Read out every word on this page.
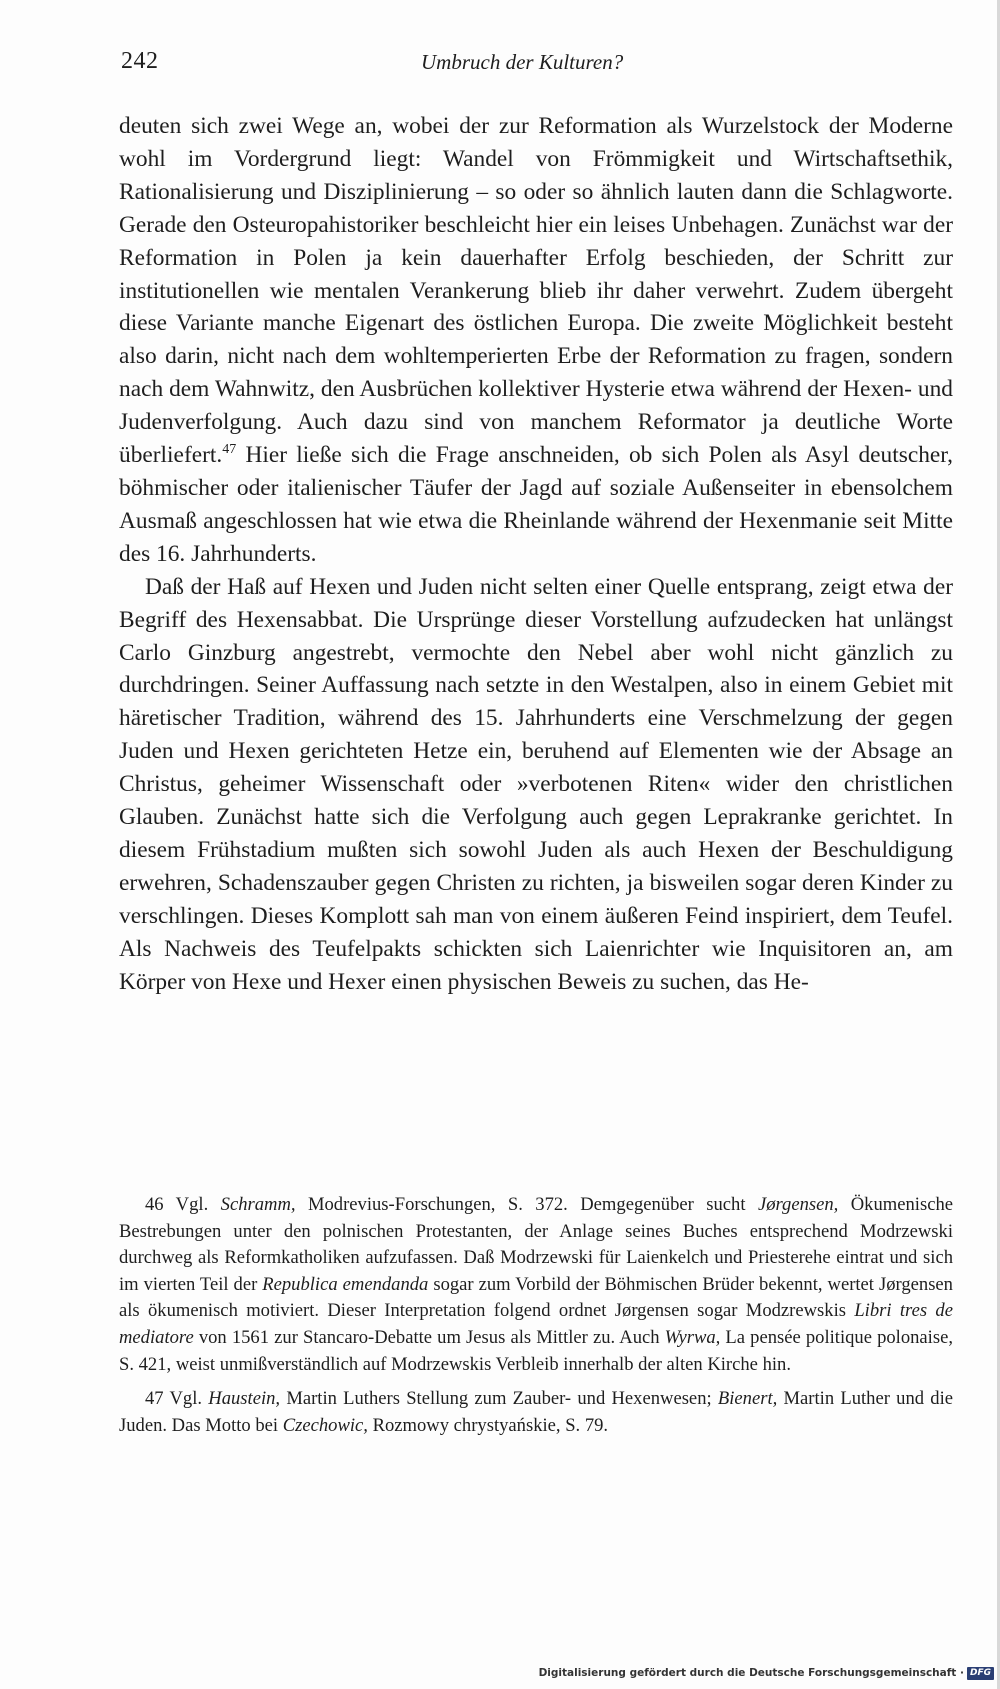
242	Umbruch der Kulturen?

deuten sich zwei Wege an, wobei der zur Reformation als Wurzelstock der Moderne wohl im Vordergrund liegt: Wandel von Frömmigkeit und Wirtschaftsethik, Rationalisierung und Disziplinierung – so oder so ähnlich lauten dann die Schlagworte. Gerade den Osteuropahistoriker beschleicht hier ein leises Unbehagen. Zunächst war der Reformation in Polen ja kein dauerhafter Erfolg beschieden, der Schritt zur institutionellen wie mentalen Verankerung blieb ihr daher verwehrt. Zudem übergeht diese Variante manche Eigenart des östlichen Europa. Die zweite Möglichkeit besteht also darin, nicht nach dem wohltemperierten Erbe der Reformation zu fragen, sondern nach dem Wahnwitz, den Ausbrüchen kollektiver Hysterie etwa während der Hexen- und Judenverfolgung. Auch dazu sind von manchem Reformator ja deutliche Worte überliefert.$^{47}$ Hier ließe sich die Frage anschneiden, ob sich Polen als Asyl deutscher, böhmischer oder italienischer Täufer der Jagd auf soziale Außenseiter in ebensolchem Ausmaß angeschlossen hat wie etwa die Rheinlande während der Hexenmanie seit Mitte des 16. Jahrhunderts.

Daß der Haß auf Hexen und Juden nicht selten einer Quelle entsprang, zeigt etwa der Begriff des Hexensabbat. Die Ursprünge dieser Vorstellung aufzudecken hat unlängst Carlo Ginzburg angestrebt, vermochte den Nebel aber wohl nicht gänzlich zu durchdringen. Seiner Auffassung nach setzte in den Westalpen, also in einem Gebiet mit häretischer Tradition, während des 15. Jahrhunderts eine Verschmelzung der gegen Juden und Hexen gerichteten Hetze ein, beruhend auf Elementen wie der Absage an Christus, geheimer Wissenschaft oder »verbotenen Riten« wider den christlichen Glauben. Zunächst hatte sich die Verfolgung auch gegen Leprakranke gerichtet. In diesem Frühstadium mußten sich sowohl Juden als auch Hexen der Beschuldigung erwehren, Schadenszauber gegen Christen zu richten, ja bisweilen sogar deren Kinder zu verschlingen. Dieses Komplott sah man von einem äußeren Feind inspiriert, dem Teufel. Als Nachweis des Teufelpakts schickten sich Laienrichter wie Inquisitoren an, am Körper von Hexe und Hexer einen physischen Beweis zu suchen, das He-

46 Vgl. Schramm, Modrevius-Forschungen, S. 372. Demgegenüber sucht Jørgensen, Ökumenische Bestrebungen unter den polnischen Protestanten, der Anlage seines Buches entsprechend Modrzewski durchweg als Reformkatholiken aufzufassen. Daß Modrzewski für Laienkelch und Priesterehe eintrat und sich im vierten Teil der Republica emendanda sogar zum Vorbild der Böhmischen Brüder bekennt, wertet Jørgensen als ökumenisch motiviert. Dieser Interpretation folgend ordnet Jørgensen sogar Modzrewskis Libri tres de mediatore von 1561 zur Stancaro-Debatte um Jesus als Mittler zu. Auch Wyrwa, La pensée politique polonaise, S. 421, weist unmißverständlich auf Modrzewskis Verbleib innerhalb der alten Kirche hin.

47 Vgl. Haustein, Martin Luthers Stellung zum Zauber- und Hexenwesen; Bienert, Martin Luther und die Juden. Das Motto bei Czechowic, Rozmowy chrystyańskie, S. 79.

Digitalisierung gefördert durch die Deutsche Forschungsgemeinschaft · DFG
